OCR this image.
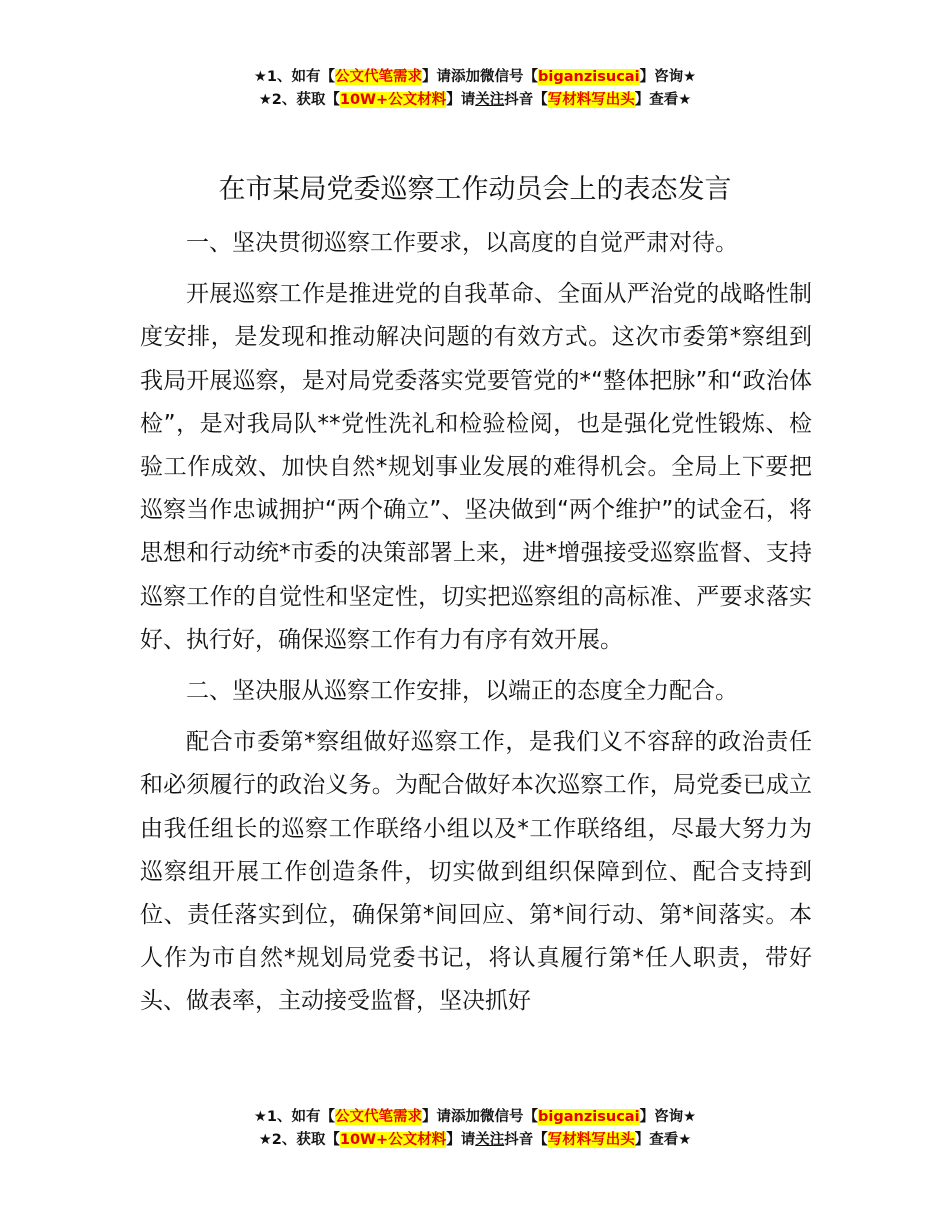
★1、如有【公文代笔需求】请添加微信号【biganzisucai】咨询★
★2、获取【10W+公文材料】请关注抖音【写材料写出头】查看★
在市某局党委巡察工作动员会上的表态发言

一、坚决贯彻巡察工作要求，以高度的自觉严肃对待。

开展巡察工作是推进党的自我革命、全面从严治党的战略性制度安排，是发现和推动解决问题的有效方式。这次市委第*察组到我局开展巡察，是对局党委落实党要管党的*“整体把脉”和“政治体检”，是对我局队**党性洗礼和检验检阅，也是强化党性锻炼、检验工作成效、加快自然*规划事业发展的难得机会。全局上下要把巡察当作忠诚拥护“两个确立”、坚决做到“两个维护”的试金石，将思想和行动统*市委的决策部署上来，进*增强接受巡察监督、支持巡察工作的自觉性和坚定性，切实把巡察组的高标准、严要求落实好、执行好，确保巡察工作有力有序有效开展。

二、坚决服从巡察工作安排，以端正的态度全力配合。

配合市委第*察组做好巡察工作，是我们义不容辞的政治责任和必须履行的政治义务。为配合做好本次巡察工作，局党委已成立由我任组长的巡察工作联络小组以及*工作联络组，尽最大努力为巡察组开展工作创造条件，切实做到组织保障到位、配合支持到位、责任落实到位，确保第*间回应、第*间行动、第*间落实。本人作为市自然*规划局党委书记，将认真履行第*任人职责，带好头、做表率，主动接受监督，坚决抓好

★1、如有【公文代笔需求】请添加微信号【biganzisucai】咨询★
★2、获取【10W+公文材料】请关注抖音【写材料写出头】查看★
